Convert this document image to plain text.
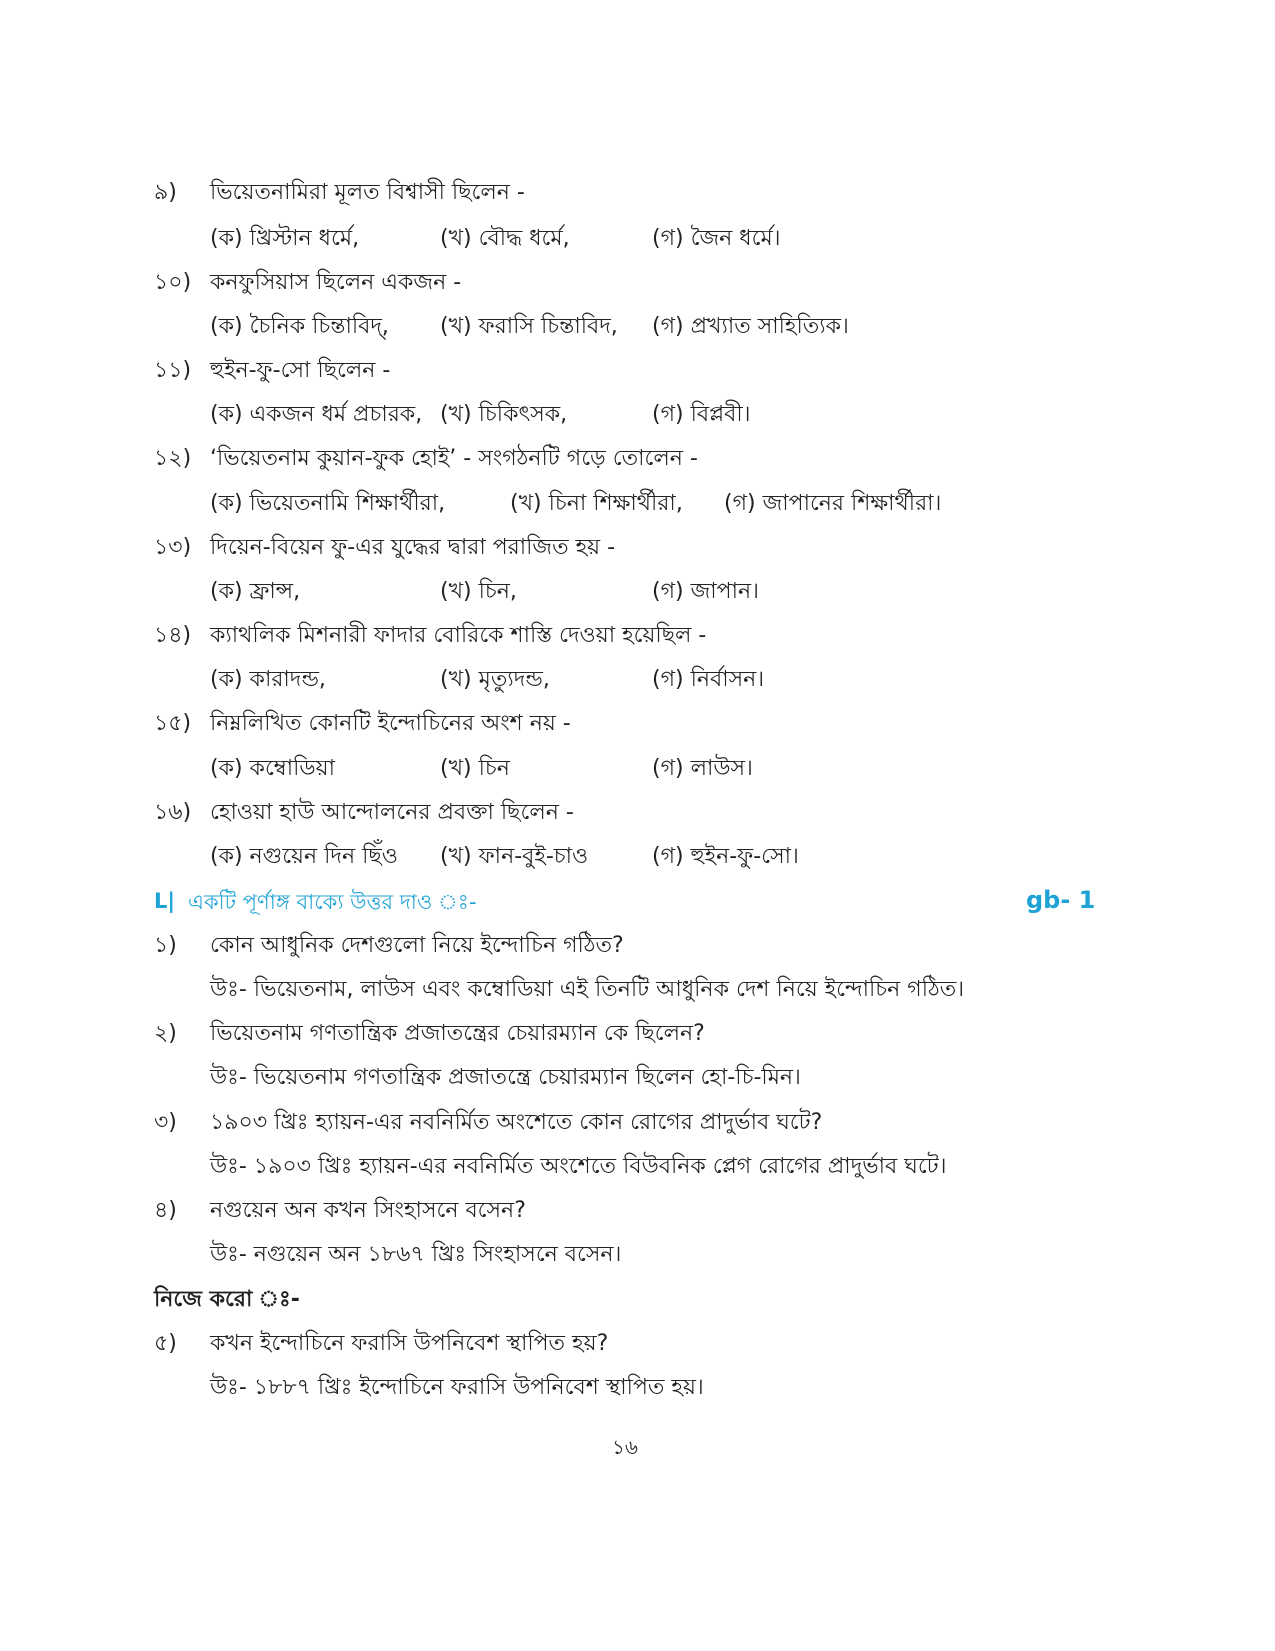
৯) ভিয়েতনামিরা মূলত বিশ্বাসী ছিলেন -
(ক) খ্রিস্টান ধর্মে,	(খ) বৌদ্ধ ধর্মে,	(গ) জৈন ধর্মে।
১০) কনফুসিয়াস ছিলেন একজন -
(ক) চৈনিক চিন্তাবিদ্, (খ) ফরাসি চিন্তাবিদ, (গ) প্রখ্যাত সাহিত্যিক।
১১) হুইন-ফু-সো ছিলেন -
(ক) একজন ধর্ম প্রচারক, (খ) চিকিৎসক,	(গ) বিপ্লবী।
১২) ‘ভিয়েতনাম কুয়ান-ফুক হোই’ - সংগঠনটি গড়ে তোলেন -
(ক) ভিয়েতনামি শিক্ষার্থীরা,	(খ) চিনা শিক্ষার্থীরা, (গ) জাপানের শিক্ষার্থীরা।
১৩) দিয়েন-বিয়েন ফু-এর যুদ্ধের দ্বারা পরাজিত হয় -
(ক) ফ্রান্স,	(খ) চিন,	(গ) জাপান।
১৪) ক্যাথলিক মিশনারী ফাদার বোরিকে শাস্তি দেওয়া হয়েছিল -
(ক) কারাদন্ড,	(খ) মৃত্যুদন্ড,	(গ) নির্বাসন।
১৫) নিম্নলিখিত কোনটি ইন্দোচিনের অংশ নয় -
(ক) কম্বোডিয়া	(খ) চিন	(গ) লাউস।
১৬) হোওয়া হাউ আন্দোলনের প্রবক্তা ছিলেন -
(ক) নগুয়েন দিন ছিঁও (খ) ফান-বুই-চাও	(গ) হুইন-ফু-সো।
L| একটি পূর্ণাঙ্গ বাক্যে উত্তর দাও ঃ-	gb- 1
১) কোন আধুনিক দেশগুলো নিয়ে ইন্দোচিন গঠিত?
উঃ- ভিয়েতনাম, লাউস এবং কম্বোডিয়া এই তিনটি আধুনিক দেশ নিয়ে ইন্দোচিন গঠিত।
২) ভিয়েতনাম গণতান্ত্রিক প্রজাতন্ত্রের চেয়ারম্যান কে ছিলেন?
উঃ- ভিয়েতনাম গণতান্ত্রিক প্রজাতন্ত্রে চেয়ারম্যান ছিলেন হো-চি-মিন।
৩) ১৯০৩ খ্রিঃ হ্যায়ন-এর নবনির্মিত অংশেতে কোন রোগের প্রাদুর্ভাব ঘটে?
উঃ- ১৯০৩ খ্রিঃ হ্যায়ন-এর নবনির্মিত অংশেতে বিউবনিক প্লেগ রোগের প্রাদুর্ভাব ঘটে।
৪) নগুয়েন অন কখন সিংহাসনে বসেন?
উঃ- নগুয়েন অন ১৮৬৭ খ্রিঃ সিংহাসনে বসেন।
নিজে করো ঃ-
৫) কখন ইন্দোচিনে ফরাসি উপনিবেশ স্থাপিত হয়?
উঃ- ১৮৮৭ খ্রিঃ ইন্দোচিনে ফরাসি উপনিবেশ স্থাপিত হয়।
১৬
